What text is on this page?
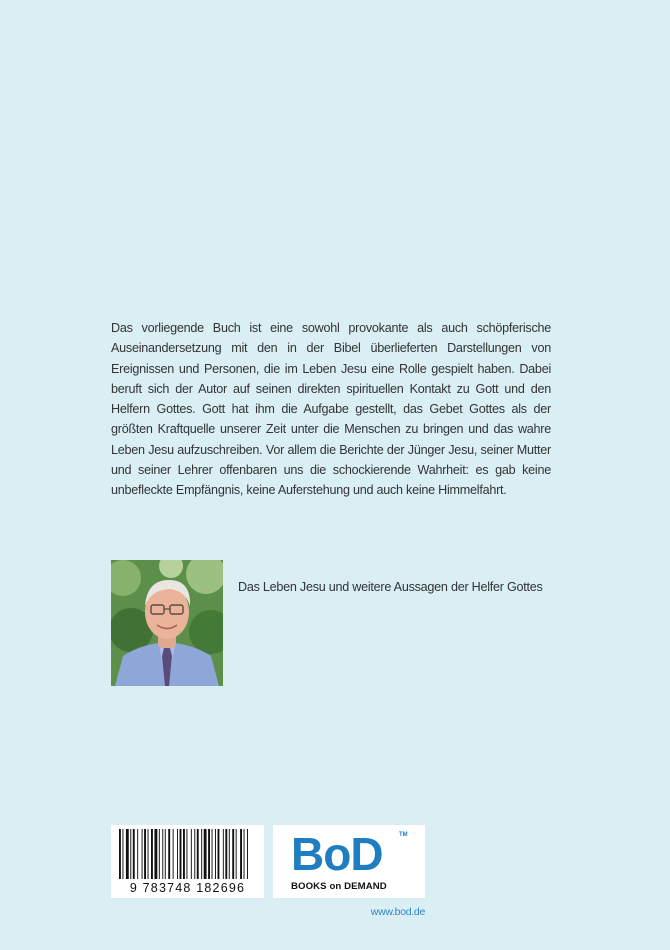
Das vorliegende Buch ist eine sowohl provokante als auch schöpferische Auseinandersetzung mit den in der Bibel überlieferten Darstellungen von Ereignissen und Personen, die im Leben Jesu eine Rolle gespielt haben. Dabei beruft sich der Autor auf seinen direkten spirituellen Kontakt zu Gott und den Helfern Gottes. Gott hat ihm die Aufgabe gestellt, das Gebet Gottes als der größten Kraftquelle unserer Zeit unter die Menschen zu bringen und das wahre Leben Jesu aufzuschreiben. Vor allem die Berichte der Jünger Jesu, seiner Mutter und seiner Lehrer offenbaren uns die schockierende Wahrheit: es gab keine unbefleckte Empfängnis, keine Auferstehung und auch keine Himmelfahrt.

Das Leben Jesu und weitere Aussagen der Helfer Gottes

9 783748 182696
BoD	TM
BOOKS on DEMAND
www.bod.de
